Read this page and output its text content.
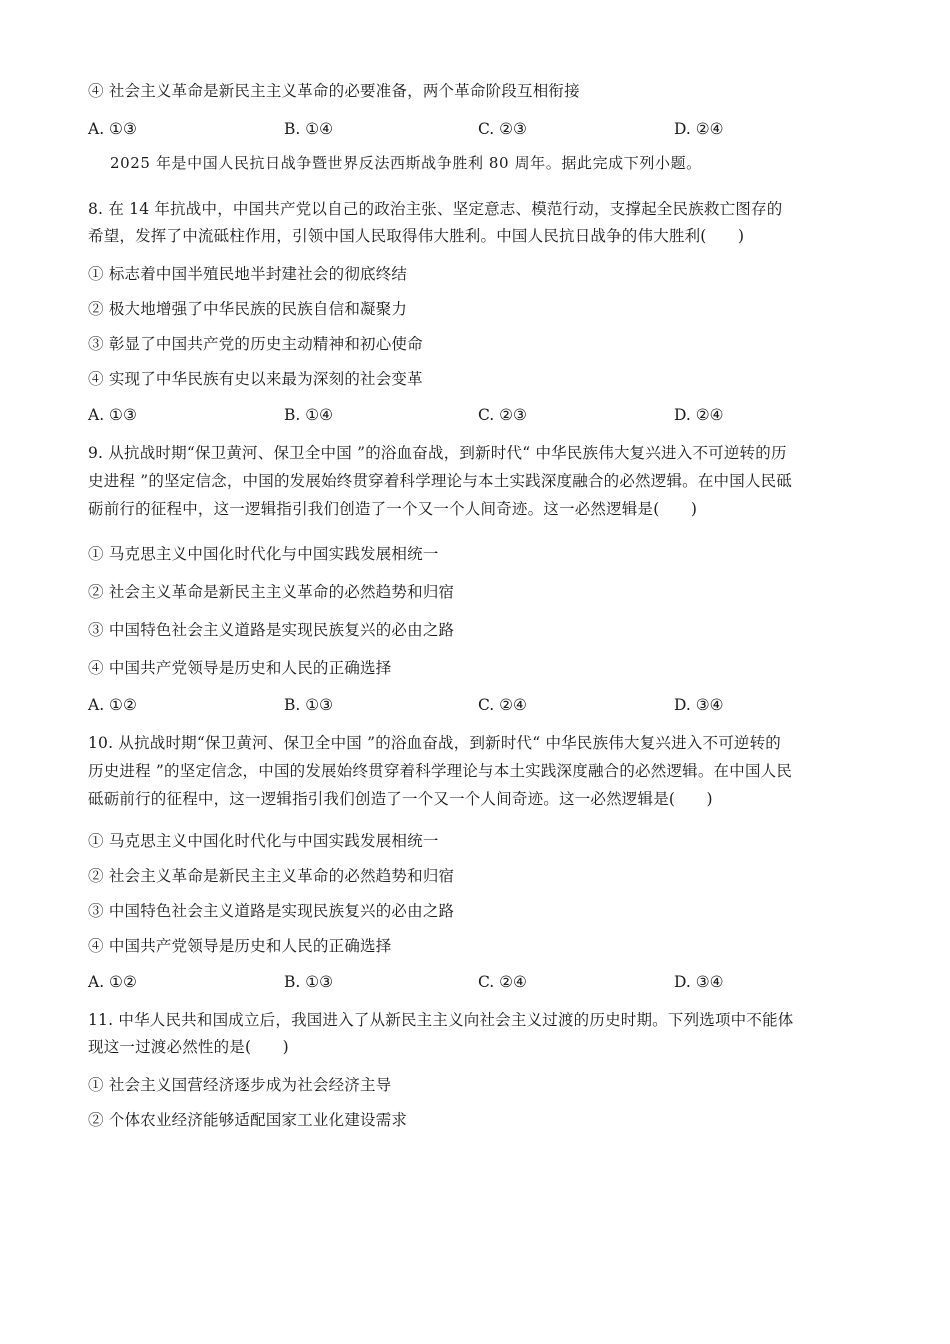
④ 社会主义革命是新民主主义革命的必要准备，两个革命阶段互相衔接
A. ①③	B. ①④	C. ②③	D. ②④
2025 年是中国人民抗日战争暨世界反法西斯战争胜利 80 周年。据此完成下列小题。
8. 在 14 年抗战中，中国共产党以自己的政治主张、坚定意志、模范行动，支撑起全民族救亡图存的
希望，发挥了中流砥柱作用，引领中国人民取得伟大胜利。中国人民抗日战争的伟大胜利(　　)
① 标志着中国半殖民地半封建社会的彻底终结
② 极大地增强了中华民族的民族自信和凝聚力
③ 彰显了中国共产党的历史主动精神和初心使命
④ 实现了中华民族有史以来最为深刻的社会变革
A. ①③	B. ①④	C. ②③	D. ②④
9. 从抗战时期“保卫黄河、保卫全中国 ”的浴血奋战，到新时代“ 中华民族伟大复兴进入不可逆转的历
史进程 ”的坚定信念，中国的发展始终贯穿着科学理论与本土实践深度融合的必然逻辑。在中国人民砥
砺前行的征程中，这一逻辑指引我们创造了一个又一个人间奇迹。这一必然逻辑是(　　)
① 马克思主义中国化时代化与中国实践发展相统一
② 社会主义革命是新民主主义革命的必然趋势和归宿
③ 中国特色社会主义道路是实现民族复兴的必由之路
④ 中国共产党领导是历史和人民的正确选择
A. ①②	B. ①③	C. ②④	D. ③④
10. 从抗战时期“保卫黄河、保卫全中国 ”的浴血奋战，到新时代“ 中华民族伟大复兴进入不可逆转的
历史进程 ”的坚定信念，中国的发展始终贯穿着科学理论与本土实践深度融合的必然逻辑。在中国人民
砥砺前行的征程中，这一逻辑指引我们创造了一个又一个人间奇迹。这一必然逻辑是(　　)
① 马克思主义中国化时代化与中国实践发展相统一
② 社会主义革命是新民主主义革命的必然趋势和归宿
③ 中国特色社会主义道路是实现民族复兴的必由之路
④ 中国共产党领导是历史和人民的正确选择
A. ①②	B. ①③	C. ②④	D. ③④
11. 中华人民共和国成立后，我国进入了从新民主主义向社会主义过渡的历史时期。下列选项中不能体
现这一过渡必然性的是(　　)
① 社会主义国营经济逐步成为社会经济主导
② 个体农业经济能够适配国家工业化建设需求
